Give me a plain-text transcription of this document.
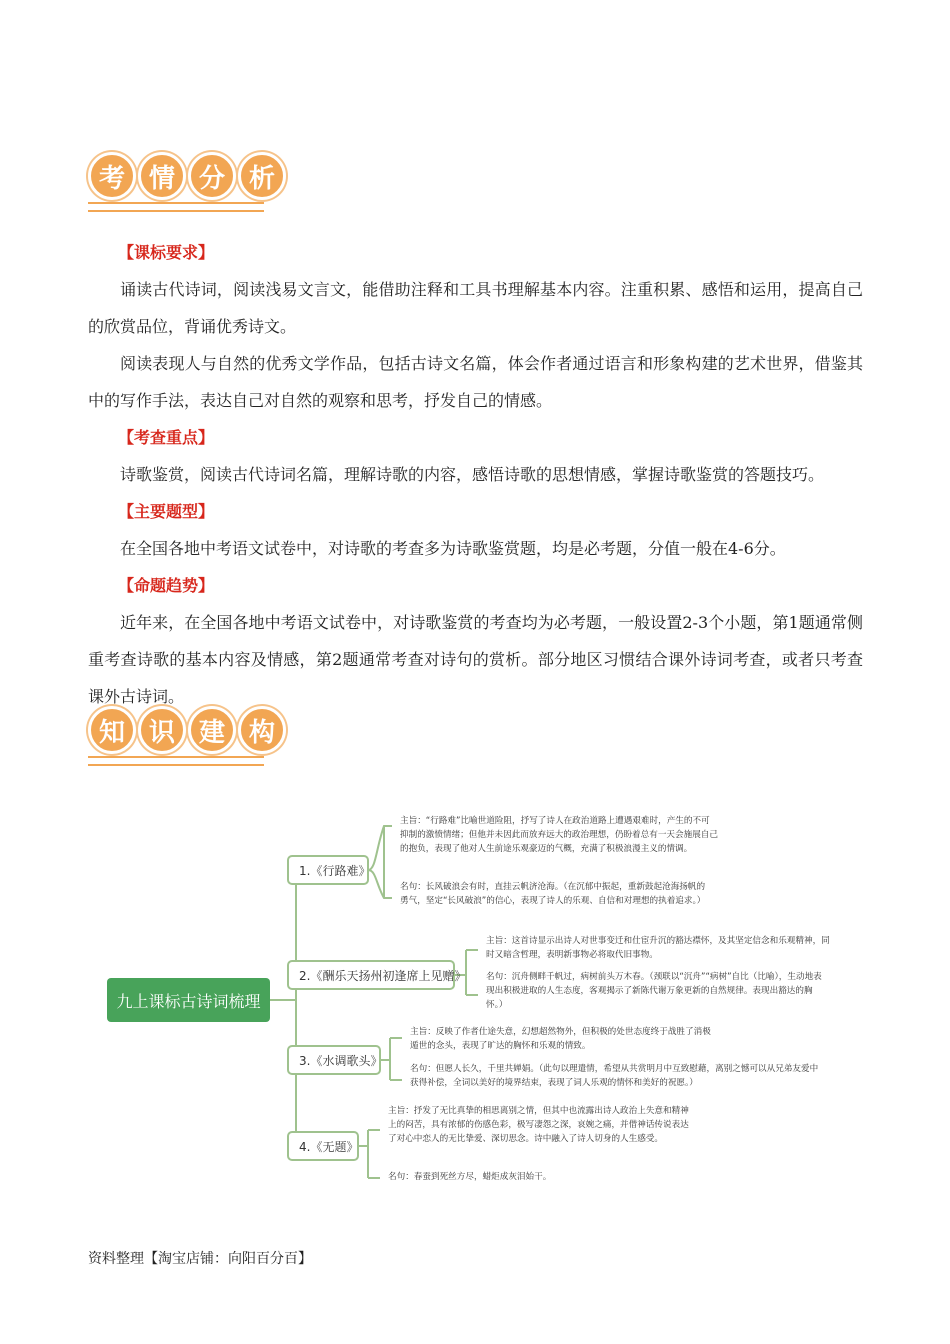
考 情 分 析
【课标要求】

诵读古代诗词，阅读浅易文言文，能借助注释和工具书理解基本内容。注重积累、感悟和运用，提高自己的欣赏品位，背诵优秀诗文。

阅读表现人与自然的优秀文学作品，包括古诗文名篇，体会作者通过语言和形象构建的艺术世界，借鉴其中的写作手法，表达自己对自然的观察和思考，抒发自己的情感。

【考查重点】

诗歌鉴赏，阅读古代诗词名篇，理解诗歌的内容，感悟诗歌的思想情感，掌握诗歌鉴赏的答题技巧。

【主要题型】

在全国各地中考语文试卷中，对诗歌的考查多为诗歌鉴赏题，均是必考题，分值一般在4-6分。

【命题趋势】

近年来，在全国各地中考语文试卷中，对诗歌鉴赏的考查均为必考题，一般设置2-3个小题，第1题通常侧重考查诗歌的基本内容及情感，第2题通常考查对诗句的赏析。部分地区习惯结合课外诗词考查，或者只考查课外古诗词。

知 识 建 构
九上课标古诗词梳理
1.《行路难》
2.《酬乐天扬州初逢席上见赠》
3.《水调歌头》
4.《无题》
主旨：“行路难”比喻世道险阻，抒写了诗人在政治道路上遭遇艰难时，产生的不可抑制的激愤情绪；但他并未因此而放弃远大的政治理想，仍盼着总有一天会施展自己的抱负，表现了他对人生前途乐观豪迈的气概，充满了积极浪漫主义的情调。
名句：长风破浪会有时，直挂云帆济沧海。（在沉郁中振起，重新鼓起沧海扬帆的勇气，坚定“长风破浪”的信心，表现了诗人的乐观、自信和对理想的执着追求。）
主旨：这首诗显示出诗人对世事变迁和仕宦升沉的豁达襟怀，及其坚定信念和乐观精神，同时又暗含哲理，表明新事物必将取代旧事物。
名句：沉舟侧畔千帆过，病树前头万木春。（颈联以“沉舟”“病树”自比（比喻），生动地表现出积极进取的人生态度，客观揭示了新陈代谢万象更新的自然规律。表现出豁达的胸怀。）
主旨：反映了作者仕途失意，幻想超然物外，但积极的处世态度终于战胜了消极遁世的念头，表现了旷达的胸怀和乐观的情致。
名句：但愿人长久，千里共婵娟。（此句以理遣情，希望从共赏明月中互致慰藉，离别之憾可以从兄弟友爱中获得补偿，全词以美好的境界结束，表现了词人乐观的情怀和美好的祝愿。）
主旨：抒发了无比真挚的相思离别之情，但其中也流露出诗人政治上失意和精神上的闷苦，具有浓郁的伤感色彩，极写凄怨之深，哀婉之痛，并借神话传说表达了对心中恋人的无比挚爱、深切思念。诗中融入了诗人切身的人生感受。
名句：春蚕到死丝方尽，蜡炬成灰泪始干。
资料整理【淘宝店铺：向阳百分百】
